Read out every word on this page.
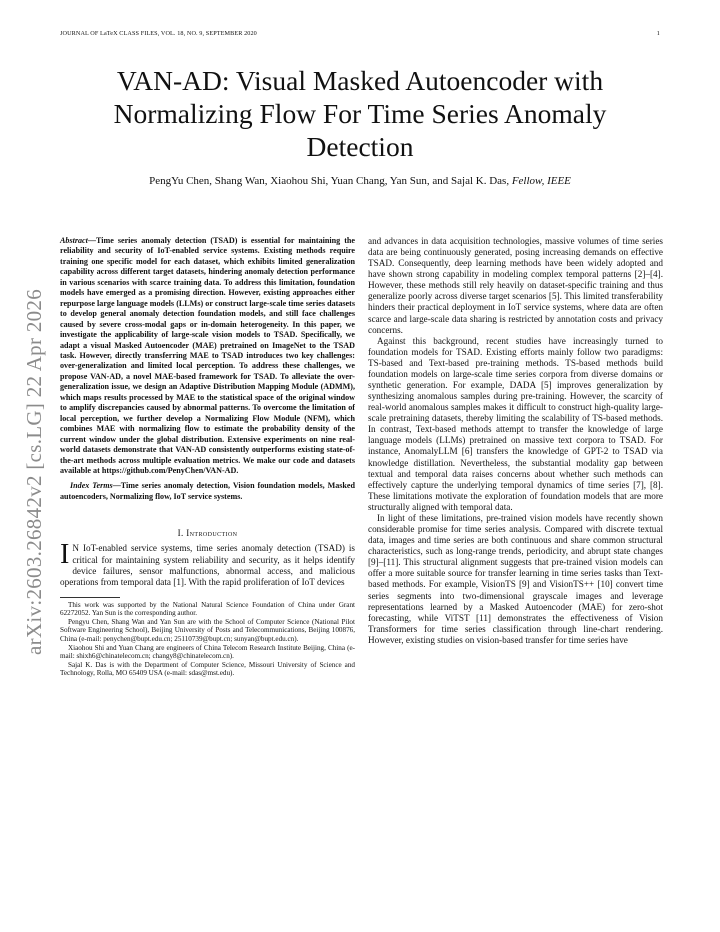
JOURNAL OF LaTeX CLASS FILES, VOL. 18, NO. 9, SEPTEMBER 2020	1
arXiv:2603.26842v2 [cs.LG] 22 Apr 2026
VAN-AD: Visual Masked Autoencoder with
Normalizing Flow For Time Series Anomaly
Detection
PengYu Chen, Shang Wan, Xiaohou Shi, Yuan Chang, Yan Sun, and Sajal K. Das, Fellow, IEEE

Abstract—Time series anomaly detection (TSAD) is essential for maintaining the reliability and security of IoT-enabled service systems. Existing methods require training one specific model for each dataset, which exhibits limited generalization capability across different target datasets, hindering anomaly detection performance in various scenarios with scarce training data. To address this limitation, foundation models have emerged as a promising direction. However, existing approaches either repurpose large language models (LLMs) or construct large-scale time series datasets to develop general anomaly detection foundation models, and still face challenges caused by severe cross-modal gaps or in-domain heterogeneity. In this paper, we investigate the applicability of large-scale vision models to TSAD. Specifically, we adapt a visual Masked Autoencoder (MAE) pretrained on ImageNet to the TSAD task. However, directly transferring MAE to TSAD introduces two key challenges: over-generalization and limited local perception. To address these challenges, we propose VAN-AD, a novel MAE-based framework for TSAD. To alleviate the over-generalization issue, we design an Adaptive Distribution Mapping Module (ADMM), which maps results processed by MAE to the statistical space of the original window to amplify discrepancies caused by abnormal patterns. To overcome the limitation of local perception, we further develop a Normalizing Flow Module (NFM), which combines MAE with normalizing flow to estimate the probability density of the current window under the global distribution. Extensive experiments on nine real-world datasets demonstrate that VAN-AD consistently outperforms existing state-of-the-art methods across multiple evaluation metrics. We make our code and datasets available at https://github.com/PenyChen/VAN-AD.

Index Terms—Time series anomaly detection, Vision foundation models, Masked autoencoders, Normalizing flow, IoT service systems.

I. Introduction

I N IoT-enabled service systems, time series anomaly detection (TSAD) is critical for maintaining system reliability and security, as it helps identify device failures, sensor malfunctions, abnormal access, and malicious operations from temporal data [1]. With the rapid proliferation of IoT devices

This work was supported by the National Natural Science Foundation of China under Grant 62272052. Yan Sun is the corresponding author.

Pengyu Chen, Shang Wan and Yan Sun are with the School of Computer Science (National Pilot Software Engineering School), Beijing University of Posts and Telecommunications, Beijing 100876, China (e-mail: penychen@bupt.edu.cn; 25110739@bupt.cn; sunyan@bupt.edu.cn).

Xiaohou Shi and Yuan Chang are engineers of China Telecom Research Institute Beijing, China (e-mail: shixh6@chinatelecom.cn; changy8@chinatelecom.cn).

Sajal K. Das is with the Department of Computer Science, Missouri University of Science and Technology, Rolla, MO 65409 USA (e-mail: sdas@mst.edu).

and advances in data acquisition technologies, massive volumes of time series data are being continuously generated, posing increasing demands on effective TSAD. Consequently, deep learning methods have been widely adopted and have shown strong capability in modeling complex temporal patterns [2]–[4]. However, these methods still rely heavily on dataset-specific training and thus generalize poorly across diverse target scenarios [5]. This limited transferability hinders their practical deployment in IoT service systems, where data are often scarce and large-scale data sharing is restricted by annotation costs and privacy concerns.

Against this background, recent studies have increasingly turned to foundation models for TSAD. Existing efforts mainly follow two paradigms: TS-based and Text-based pre-training methods. TS-based methods build foundation models on large-scale time series corpora from diverse domains or synthetic generation. For example, DADA [5] improves generalization by synthesizing anomalous samples during pre-training. However, the scarcity of real-world anomalous samples makes it difficult to construct high-quality large-scale pretraining datasets, thereby limiting the scalability of TS-based methods. In contrast, Text-based methods attempt to transfer the knowledge of large language models (LLMs) pretrained on massive text corpora to TSAD. For instance, AnomalyLLM [6] transfers the knowledge of GPT-2 to TSAD via knowledge distillation. Nevertheless, the substantial modality gap between textual and temporal data raises concerns about whether such methods can effectively capture the underlying temporal dynamics of time series [7], [8]. These limitations motivate the exploration of foundation models that are more structurally aligned with temporal data.

In light of these limitations, pre-trained vision models have recently shown considerable promise for time series analysis. Compared with discrete textual data, images and time series are both continuous and share common structural characteristics, such as long-range trends, periodicity, and abrupt state changes [9]–[11]. This structural alignment suggests that pre-trained vision models can offer a more suitable source for transfer learning in time series tasks than Text-based methods. For example, VisionTS [9] and VisionTS++ [10] convert time series segments into two-dimensional grayscale images and leverage representations learned by a Masked Autoencoder (MAE) for zero-shot forecasting, while ViTST [11] demonstrates the effectiveness of Vision Transformers for time series classification through line-chart rendering. However, existing studies on vision-based transfer for time series have
